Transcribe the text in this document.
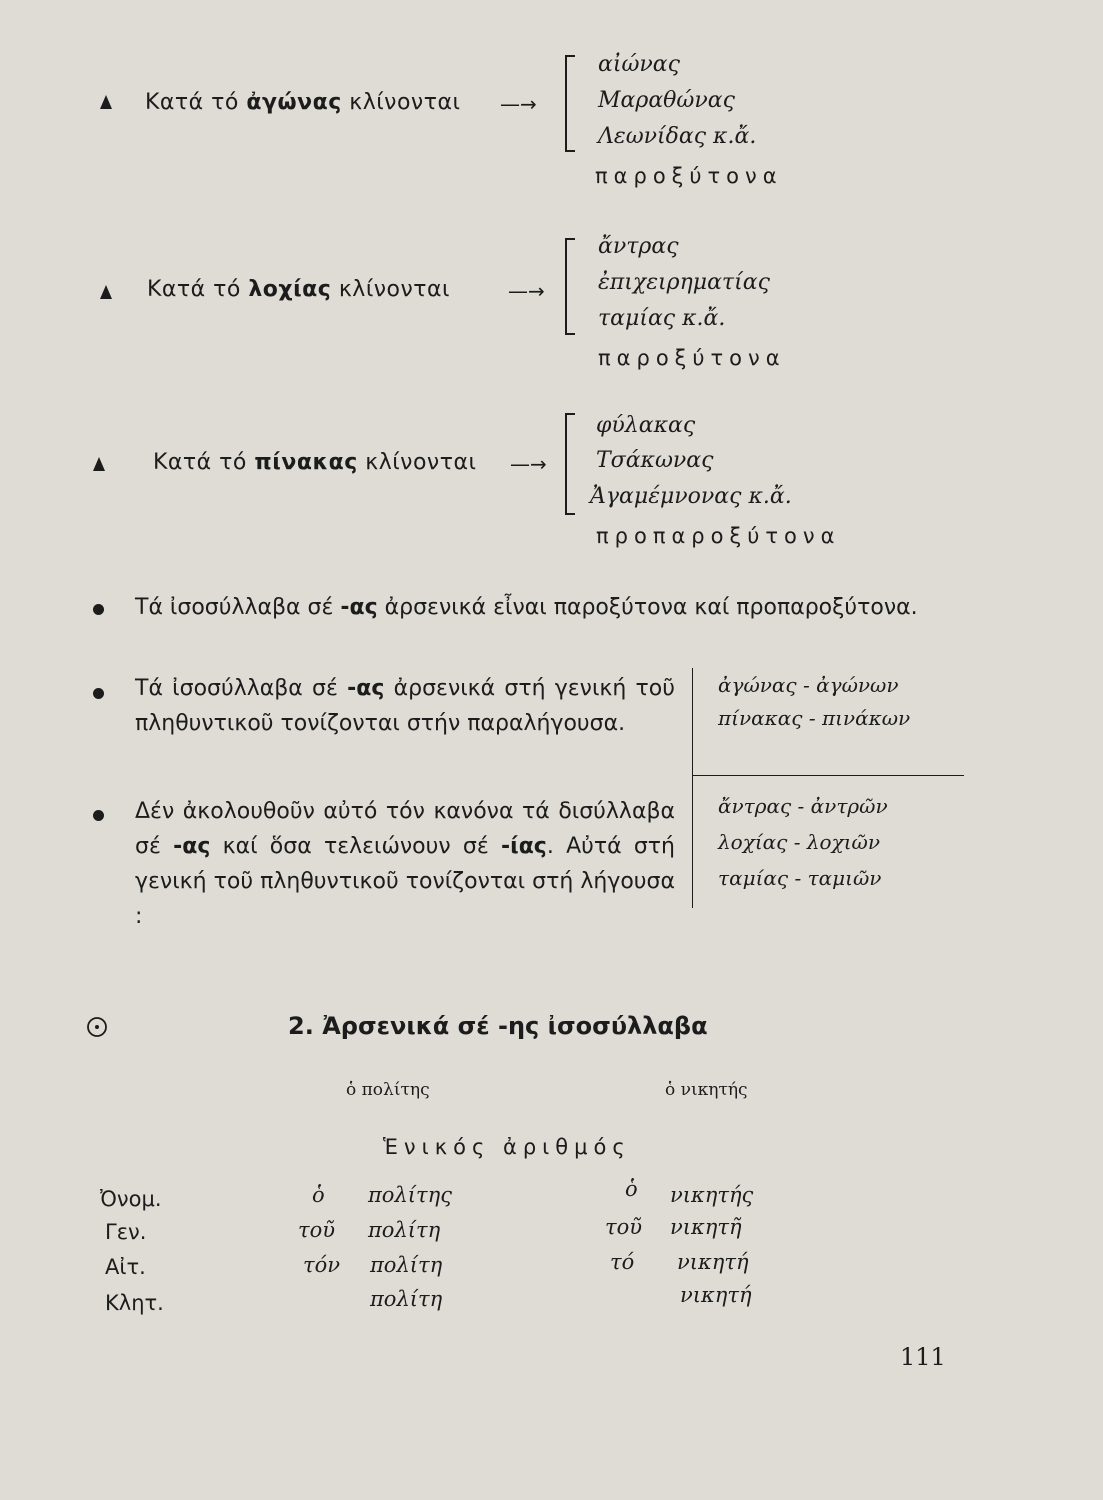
Κατά τό ἀγώνας κλίνονται —→
αἰώνας
Μαραθώνας
Λεωνίδας κ.ἄ.
παροξύτονα
Κατά τό λοχίας κλίνονται	—→
ἄντρας
ἐπιχειρηματίας
ταμίας κ.ἄ.
παροξύτονα
Κατά τό πίνακας κλίνονται —→
φύλακας
Τσάκωνας
Ἀγαμέμνονας κ.ἄ.
προπαροξύτονα
Τά ἰσοσύλλαβα σέ -ας ἀρσενικά εἶναι παροξύτονα καί προπαροξύτονα.
Τά ἰσοσύλλαβα σέ -ας ἀρσενικά στή γενική τοῦ πληθυντικοῦ τονίζονται στήν παραλήγουσα.
ἀγώνας - ἀγώνων
πίνακας - πινάκων
Δέν ἀκολουθοῦν αὐτό τόν κανόνα τά δισύλλαβα σέ -ας καί ὅσα τελειώνουν σέ -ίας. Αὐτά στή γενική τοῦ πληθυντικοῦ τονίζονται στή λήγουσα :
ἄντρας - ἀντρῶν
λοχίας - λοχιῶν
ταμίας - ταμιῶν
2. Ἀρσενικά σέ -ης ἰσοσύλλαβα
ὁ πολίτης	ὁ νικητής
Ἑνικός ἀριθμός
Ὀνομ.	ὁ πολίτης	ὁ νικητής
Γεν.	τοῦ πολίτη	τοῦ νικητῆ
Αἰτ.	τόν πολίτη	τό νικητή
Κλητ.	πολίτη	νικητή
111
